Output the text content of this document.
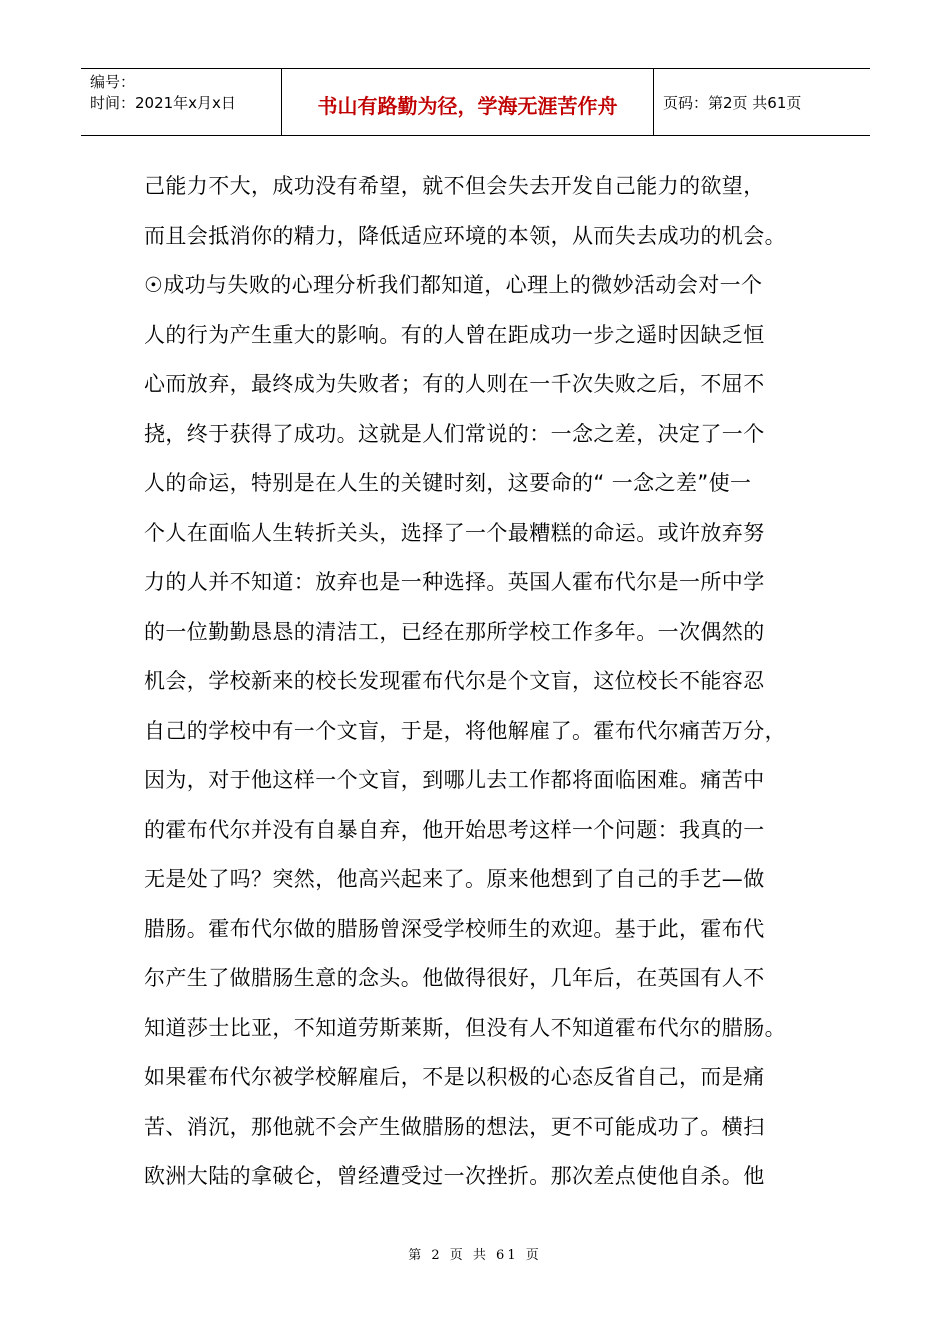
编号：
时间：2021年x月x日	书山有路勤为径，学海无涯苦作舟	页码：第2页 共61页

己能力不大，成功没有希望，就不但会失去开发自己能力的欲望，

而且会抵消你的精力，降低适应环境的本领，从而失去成功的机会。

☉成功与失败的心理分析我们都知道，心理上的微妙活动会对一个

人的行为产生重大的影响。有的人曾在距成功一步之遥时因缺乏恒

心而放弃，最终成为失败者；有的人则在一千次失败之后，不屈不

挠，终于获得了成功。这就是人们常说的：一念之差，决定了一个

人的命运，特别是在人生的关键时刻，这要命的“ 一念之差”使一

个人在面临人生转折关头，选择了一个最糟糕的命运。或许放弃努

力的人并不知道：放弃也是一种选择。英国人霍布代尔是一所中学

的一位勤勤恳恳的清洁工，已经在那所学校工作多年。一次偶然的

机会，学校新来的校长发现霍布代尔是个文盲，这位校长不能容忍

自己的学校中有一个文盲，于是，将他解雇了。霍布代尔痛苦万分，

因为，对于他这样一个文盲，到哪儿去工作都将面临困难。痛苦中

的霍布代尔并没有自暴自弃，他开始思考这样一个问题：我真的一

无是处了吗？突然，他高兴起来了。原来他想到了自己的手艺—做

腊肠。霍布代尔做的腊肠曾深受学校师生的欢迎。基于此，霍布代

尔产生了做腊肠生意的念头。他做得很好，几年后，在英国有人不

知道莎士比亚，不知道劳斯莱斯，但没有人不知道霍布代尔的腊肠。

如果霍布代尔被学校解雇后，不是以积极的心态反省自己，而是痛

苦、消沉，那他就不会产生做腊肠的想法，更不可能成功了。横扫

欧洲大陆的拿破仑，曾经遭受过一次挫折。那次差点使他自杀。他

第 2 页 共 61 页
